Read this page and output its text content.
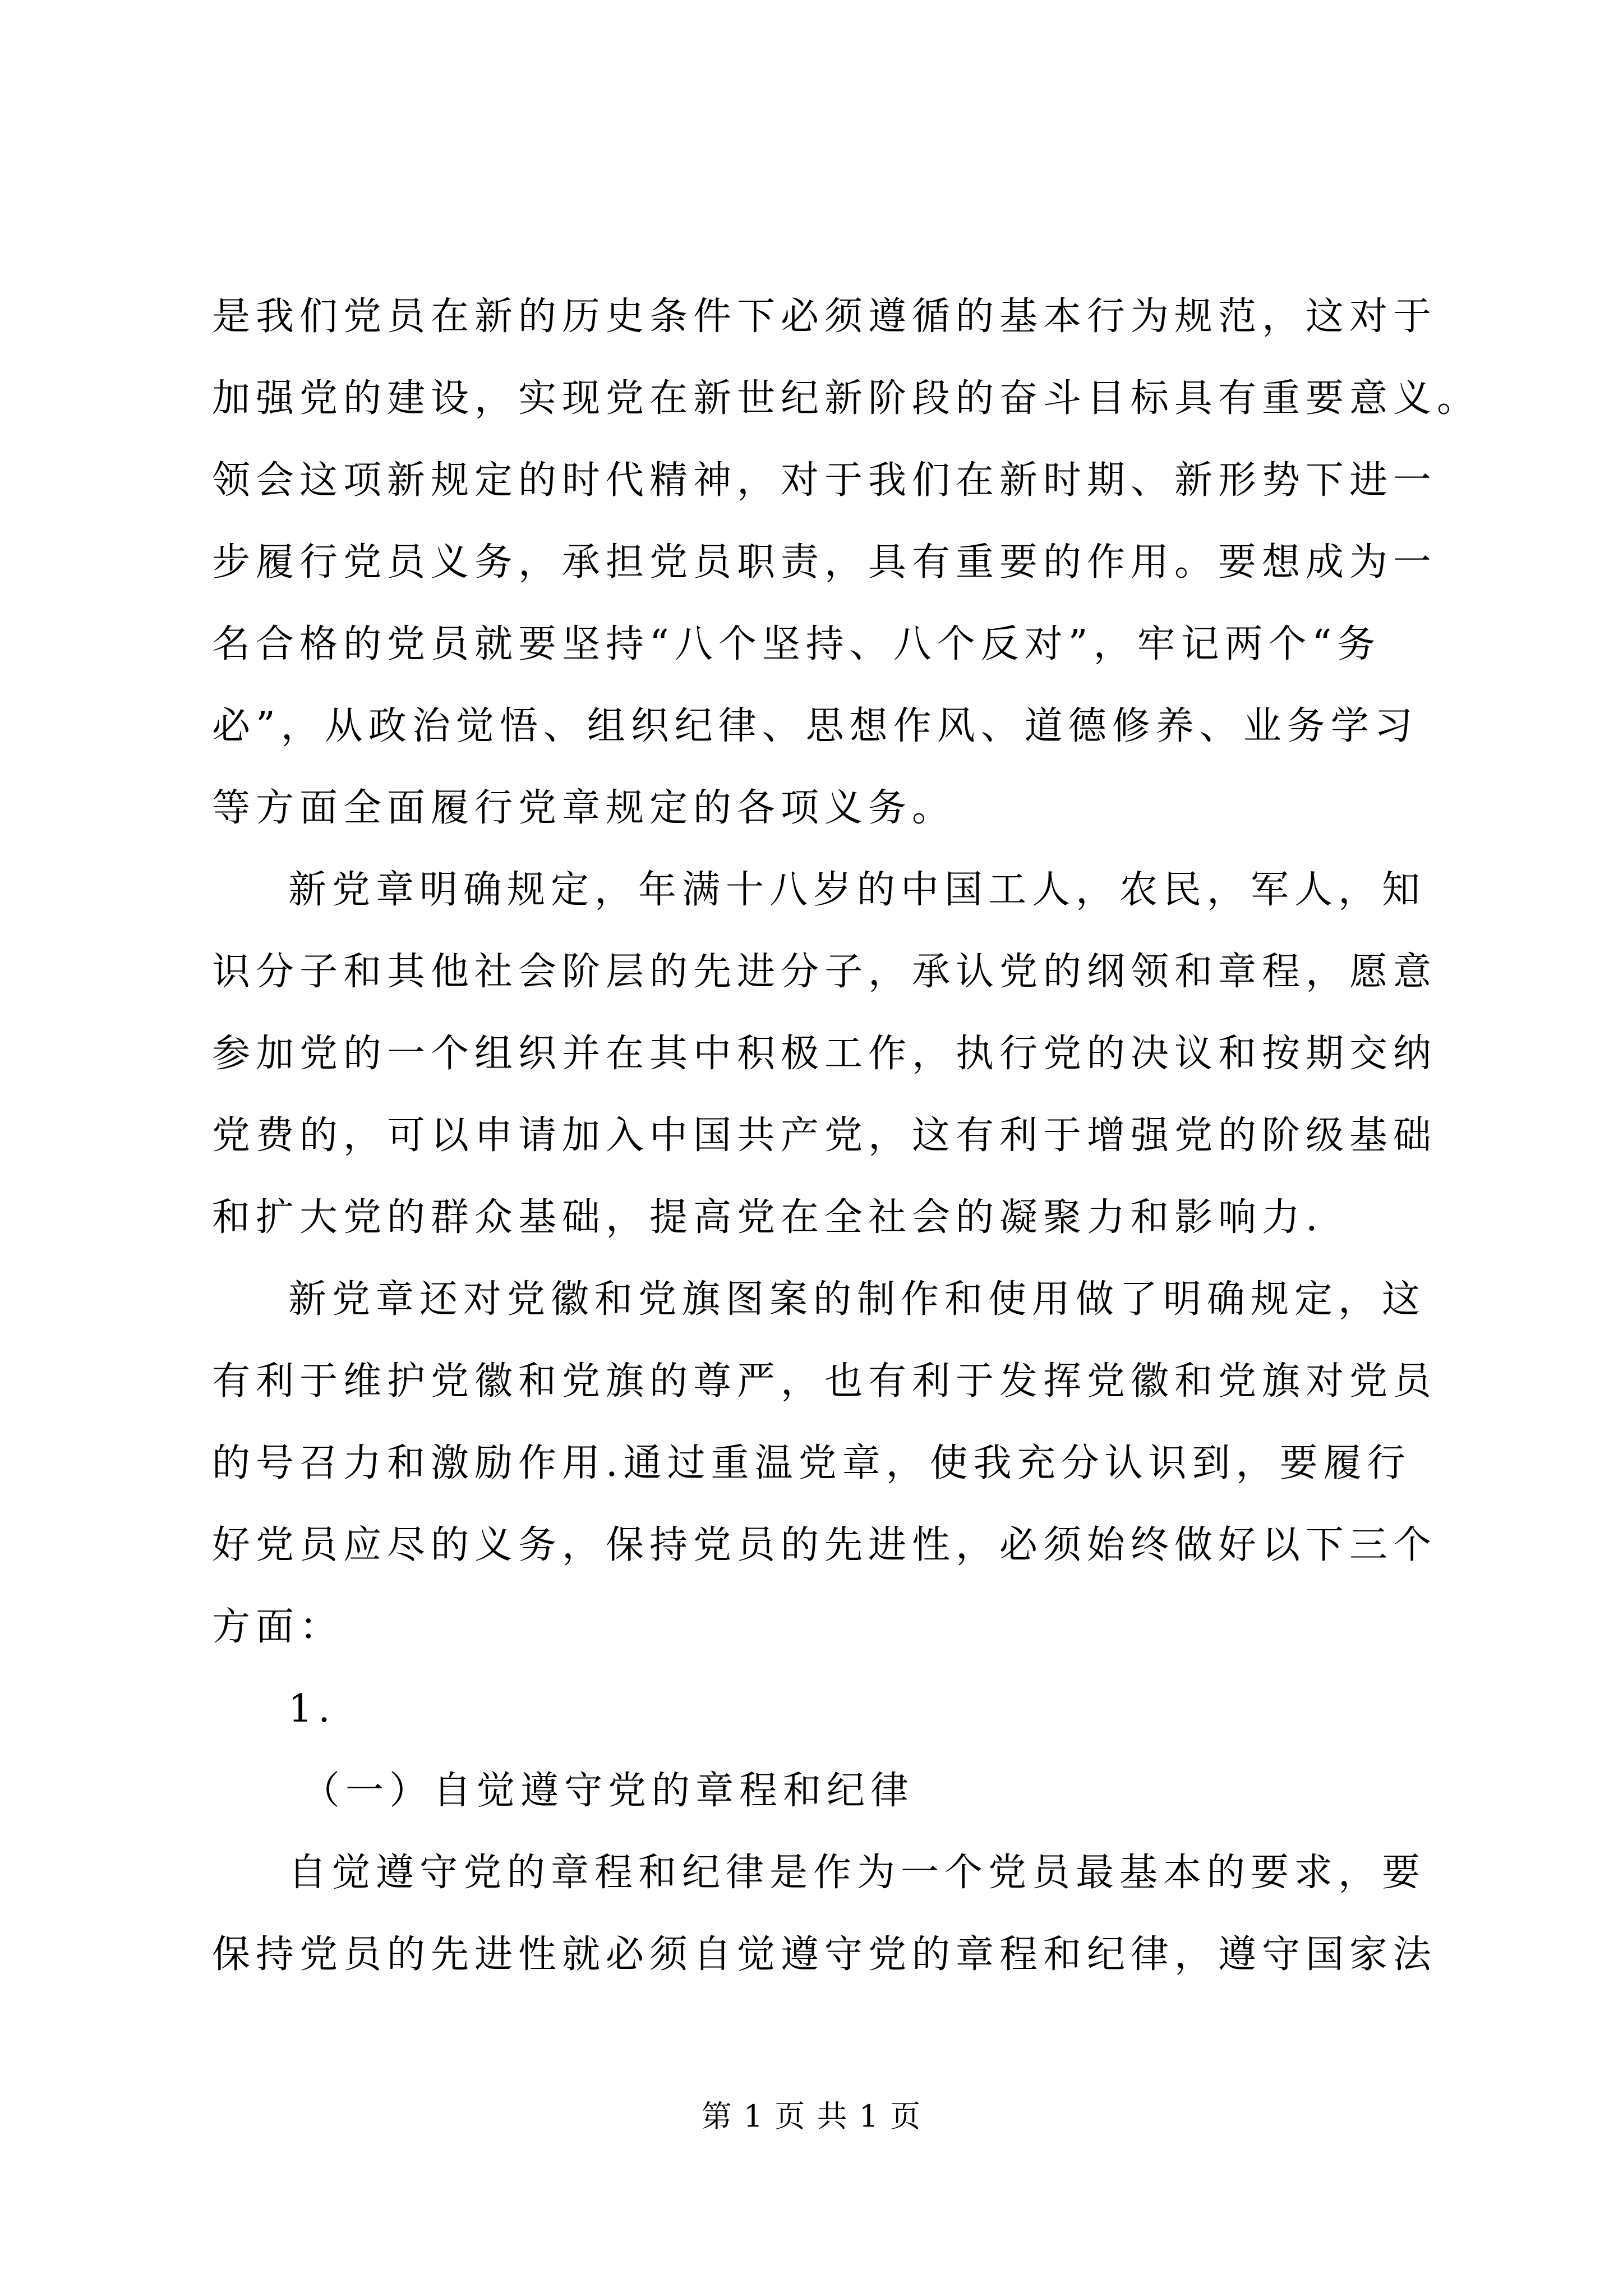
是我们党员在新的历史条件下必须遵循的基本行为规范，这对于
加强党的建设，实现党在新世纪新阶段的奋斗目标具有重要意义。
领会这项新规定的时代精神，对于我们在新时期、新形势下进一
步履行党员义务，承担党员职责，具有重要的作用。要想成为一
名合格的党员就要坚持“八个坚持、八个反对”，牢记两个“务
必”，从政治觉悟、组织纪律、思想作风、道德修养、业务学习
等方面全面履行党章规定的各项义务。
新党章明确规定，年满十八岁的中国工人，农民，军人，知
识分子和其他社会阶层的先进分子，承认党的纲领和章程，愿意
参加党的一个组织并在其中积极工作，执行党的决议和按期交纳
党费的，可以申请加入中国共产党，这有利于增强党的阶级基础
和扩大党的群众基础，提高党在全社会的凝聚力和影响力.
新党章还对党徽和党旗图案的制作和使用做了明确规定，这
有利于维护党徽和党旗的尊严，也有利于发挥党徽和党旗对党员
的号召力和激励作用.通过重温党章，使我充分认识到，要履行
好党员应尽的义务，保持党员的先进性，必须始终做好以下三个
方面：
1.
（一）自觉遵守党的章程和纪律
自觉遵守党的章程和纪律是作为一个党员最基本的要求，要
保持党员的先进性就必须自觉遵守党的章程和纪律，遵守国家法
第 1 页 共 1 页
